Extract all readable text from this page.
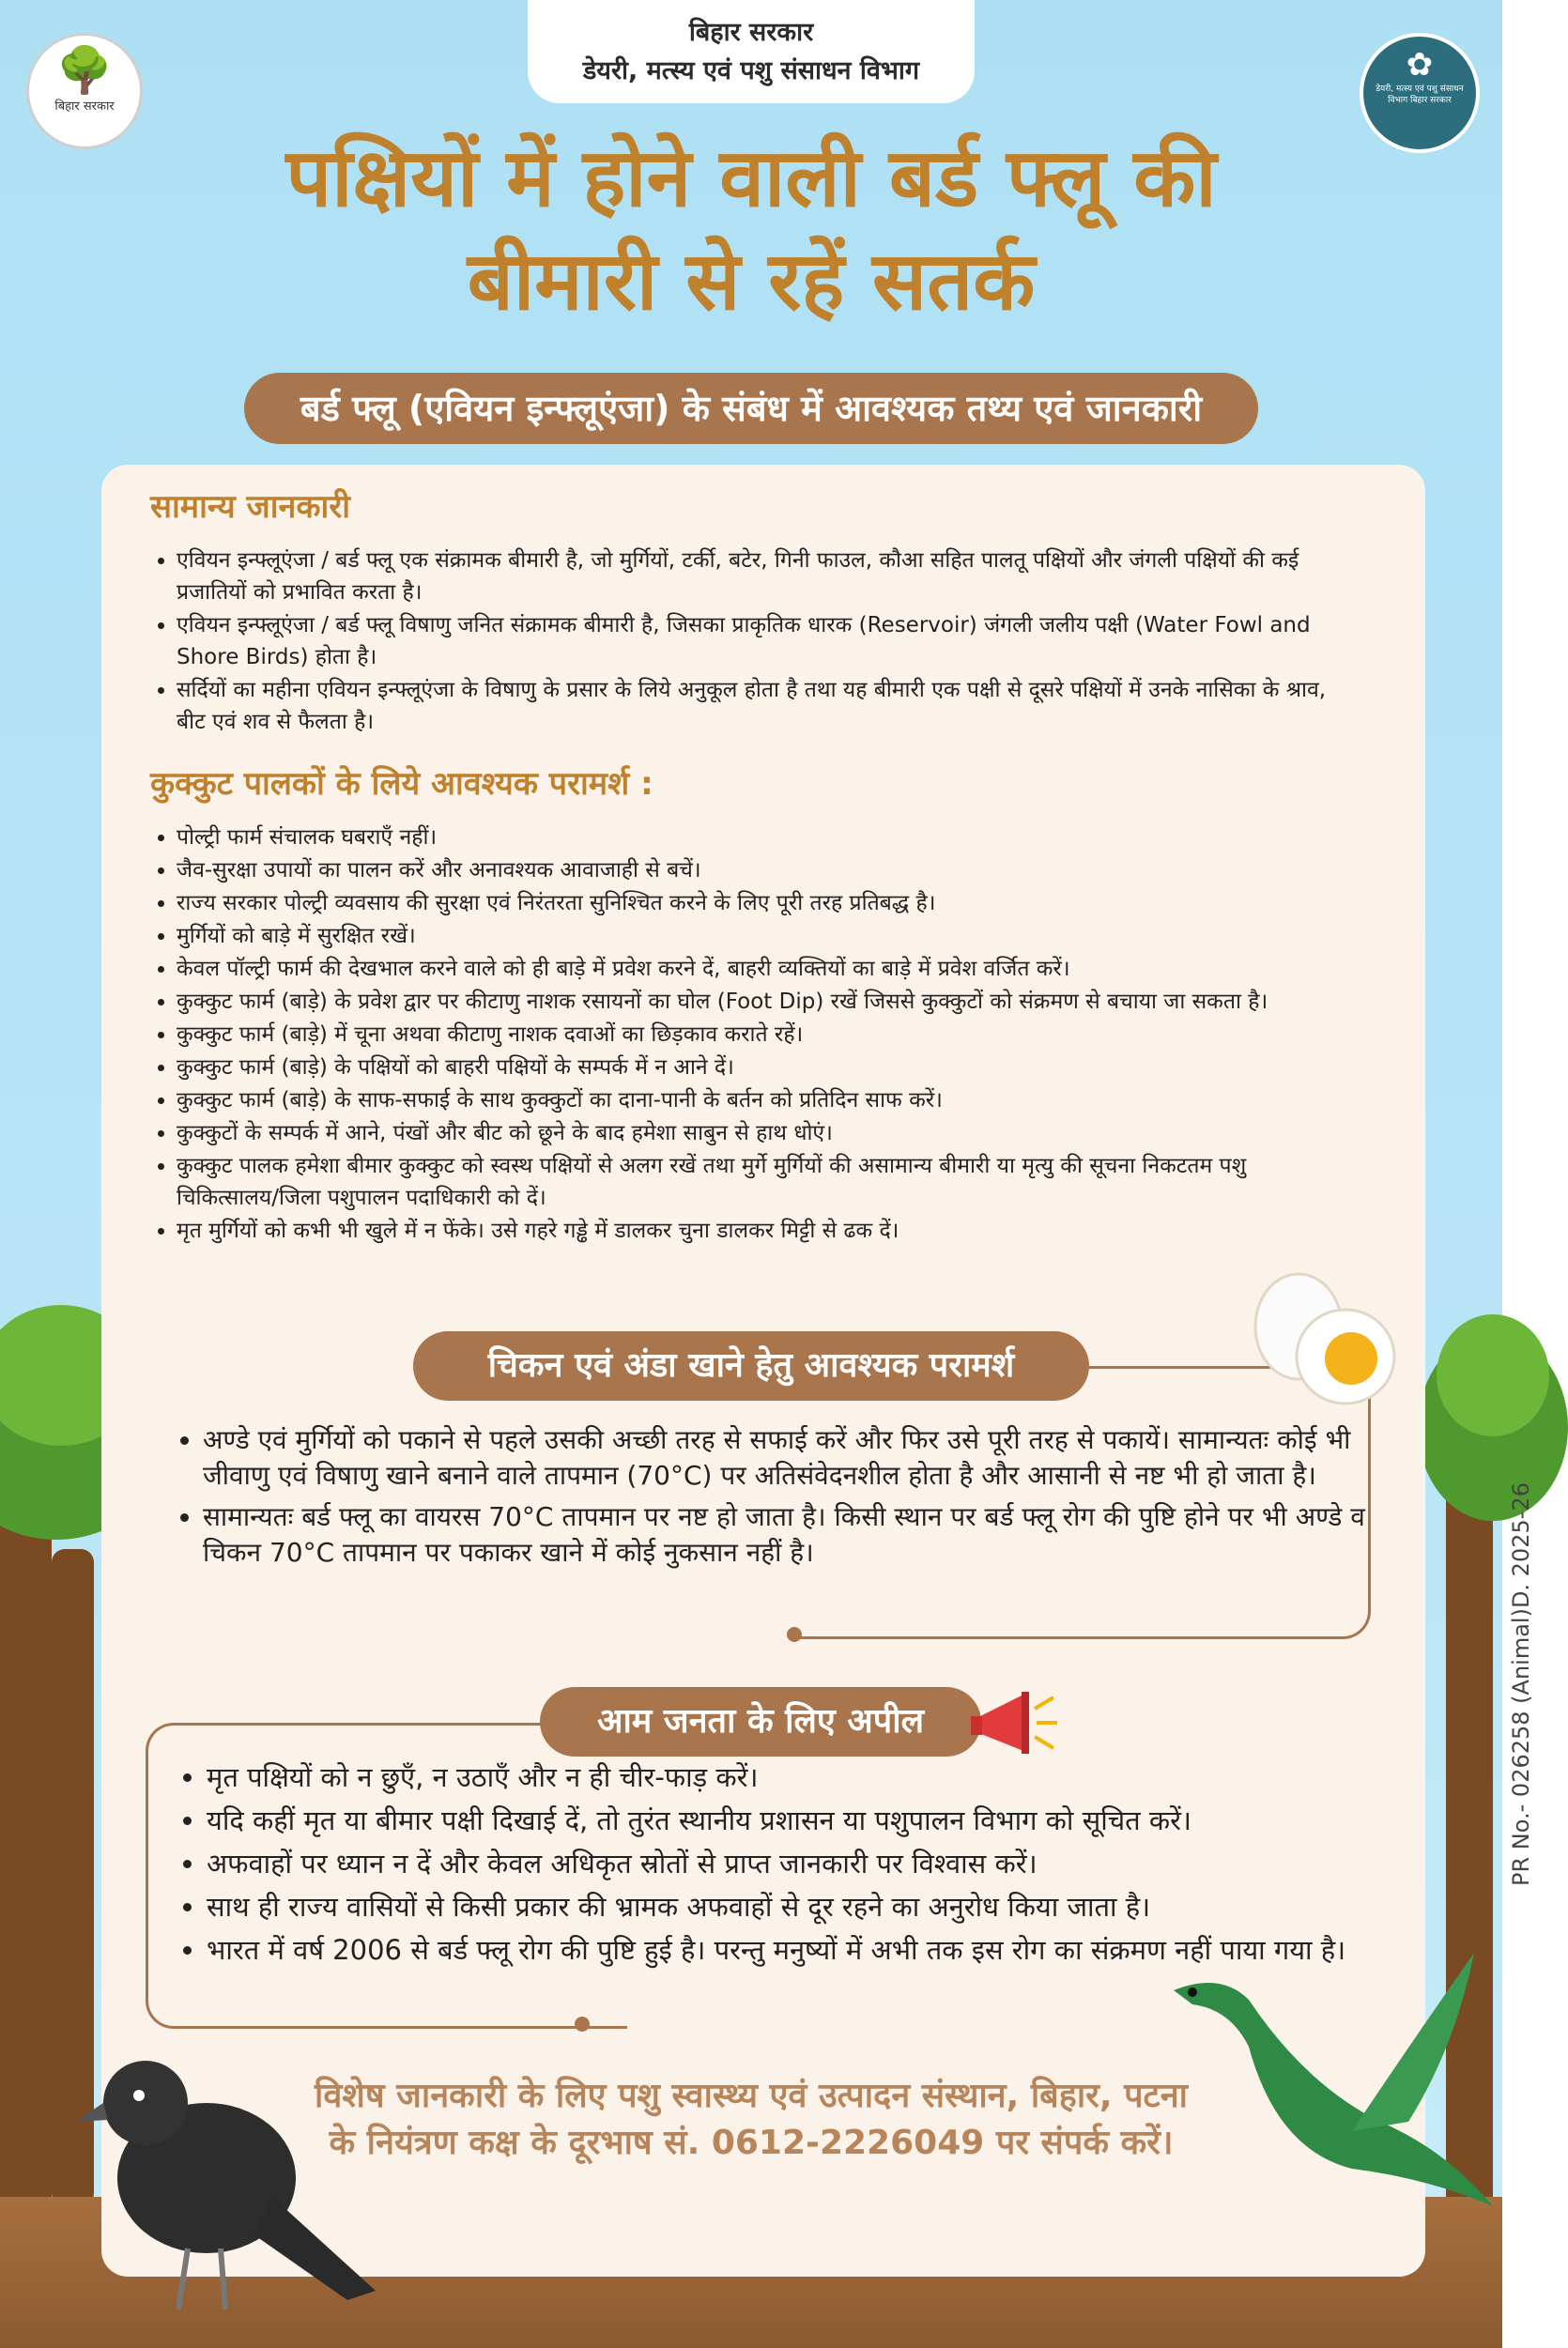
बिहार सरकार
डेयरी, मत्स्य एवं पशु संसाधन विभाग
🌳
बिहार सरकार
✿
डेयरी, मत्स्य एवं पशु संसाधन विभाग बिहार सरकार
पक्षियों में होने वाली बर्ड फ्लू की
बीमारी से रहें सतर्क
बर्ड फ्लू (एवियन इन्फ्लूएंजा) के संबंध में आवश्यक तथ्य एवं जानकारी
सामान्य जानकारी
• एवियन इन्फ्लूएंजा / बर्ड फ्लू एक संक्रामक बीमारी है, जो मुर्गियों, टर्की, बटेर, गिनी फाउल, कौआ सहित पालतू पक्षियों और जंगली पक्षियों की कई प्रजातियों को प्रभावित करता है।
• एवियन इन्फ्लूएंजा / बर्ड फ्लू विषाणु जनित संक्रामक बीमारी है, जिसका प्राकृतिक धारक (Reservoir) जंगली जलीय पक्षी (Water Fowl and Shore Birds) होता है।
• सर्दियों का महीना एवियन इन्फ्लूएंजा के विषाणु के प्रसार के लिये अनुकूल होता है तथा यह बीमारी एक पक्षी से दूसरे पक्षियों में उनके नासिका के श्राव, बीट एवं शव से फैलता है।
कुक्कुट पालकों के लिये आवश्यक परामर्श :
• पोल्ट्री फार्म संचालक घबराएँ नहीं।
• जैव-सुरक्षा उपायों का पालन करें और अनावश्यक आवाजाही से बचें।
• राज्य सरकार पोल्ट्री व्यवसाय की सुरक्षा एवं निरंतरता सुनिश्चित करने के लिए पूरी तरह प्रतिबद्ध है।
• मुर्गियों को बाड़े में सुरक्षित रखें।
• केवल पॉल्ट्री फार्म की देखभाल करने वाले को ही बाड़े में प्रवेश करने दें, बाहरी व्यक्तियों का बाड़े में प्रवेश वर्जित करें।
• कुक्कुट फार्म (बाड़े) के प्रवेश द्वार पर कीटाणु नाशक रसायनों का घोल (Foot Dip) रखें जिससे कुक्कुटों को संक्रमण से बचाया जा सकता है।
• कुक्कुट फार्म (बाड़े) में चूना अथवा कीटाणु नाशक दवाओं का छिड़काव कराते रहें।
• कुक्कुट फार्म (बाड़े) के पक्षियों को बाहरी पक्षियों के सम्पर्क में न आने दें।
• कुक्कुट फार्म (बाड़े) के साफ-सफाई के साथ कुक्कुटों का दाना-पानी के बर्तन को प्रतिदिन साफ करें।
• कुक्कुटों के सम्पर्क में आने, पंखों और बीट को छूने के बाद हमेशा साबुन से हाथ धोएं।
• कुक्कुट पालक हमेशा बीमार कुक्कुट को स्वस्थ पक्षियों से अलग रखें तथा मुर्गे मुर्गियों की असामान्य बीमारी या मृत्यु की सूचना निकटतम पशु चिकित्सालय/जिला पशुपालन पदाधिकारी को दें।
• मृत मुर्गियों को कभी भी खुले में न फेंके। उसे गहरे गड्ढे में डालकर चुना डालकर मिट्टी से ढक दें।
चिकन एवं अंडा खाने हेतु आवश्यक परामर्श
• अण्डे एवं मुर्गियों को पकाने से पहले उसकी अच्छी तरह से सफाई करें और फिर उसे पूरी तरह से पकायें। सामान्यतः कोई भी जीवाणु एवं विषाणु खाने बनाने वाले तापमान (70°C) पर अतिसंवेदनशील होता है और आसानी से नष्ट भी हो जाता है।
• सामान्यतः बर्ड फ्लू का वायरस 70°C तापमान पर नष्ट हो जाता है। किसी स्थान पर बर्ड फ्लू रोग की पुष्टि होने पर भी अण्डे व चिकन 70°C तापमान पर पकाकर खाने में कोई नुकसान नहीं है।
आम जनता के लिए अपील
• मृत पक्षियों को न छुएँ, न उठाएँ और न ही चीर-फाड़ करें।
• यदि कहीं मृत या बीमार पक्षी दिखाई दें, तो तुरंत स्थानीय प्रशासन या पशुपालन विभाग को सूचित करें।
• अफवाहों पर ध्यान न दें और केवल अधिकृत स्रोतों से प्राप्त जानकारी पर विश्वास करें।
• साथ ही राज्य वासियों से किसी प्रकार की भ्रामक अफवाहों से दूर रहने का अनुरोध किया जाता है।
• भारत में वर्ष 2006 से बर्ड फ्लू रोग की पुष्टि हुई है। परन्तु मनुष्यों में अभी तक इस रोग का संक्रमण नहीं पाया गया है।
विशेष जानकारी के लिए पशु स्वास्थ्य एवं उत्पादन संस्थान, बिहार, पटना
के नियंत्रण कक्ष के दूरभाष सं. 0612-2226049 पर संपर्क करें।
PR No.- 026258 (Animal)D. 2025-26
